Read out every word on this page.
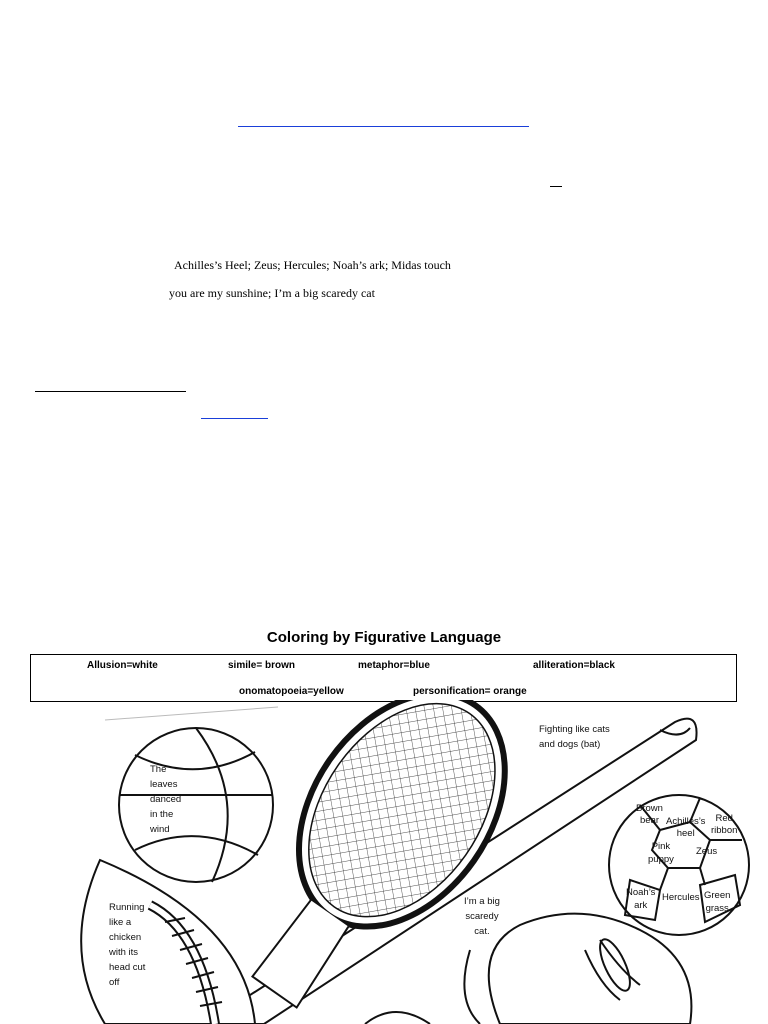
Achilles’s Heel; Zeus; Hercules; Noah’s ark; Midas touch
you are my sunshine; I’m a big scaredy cat
Coloring by Figurative Language
Allusion=white	simile= brown	metaphor=blue	alliteration=black
onomatopoeia=yellow	personification= orange
Fighting like cats
and dogs (bat)
The
leaves
danced
in the
wind
Running
like a
chicken
with its
head cut
off
I’m a big
scaredy
cat.
Brown
bear Achilles’s
heel
Red
ribbon
Pink
puppy
Zeus
Noah’s
ark
Hercules Green
grass
